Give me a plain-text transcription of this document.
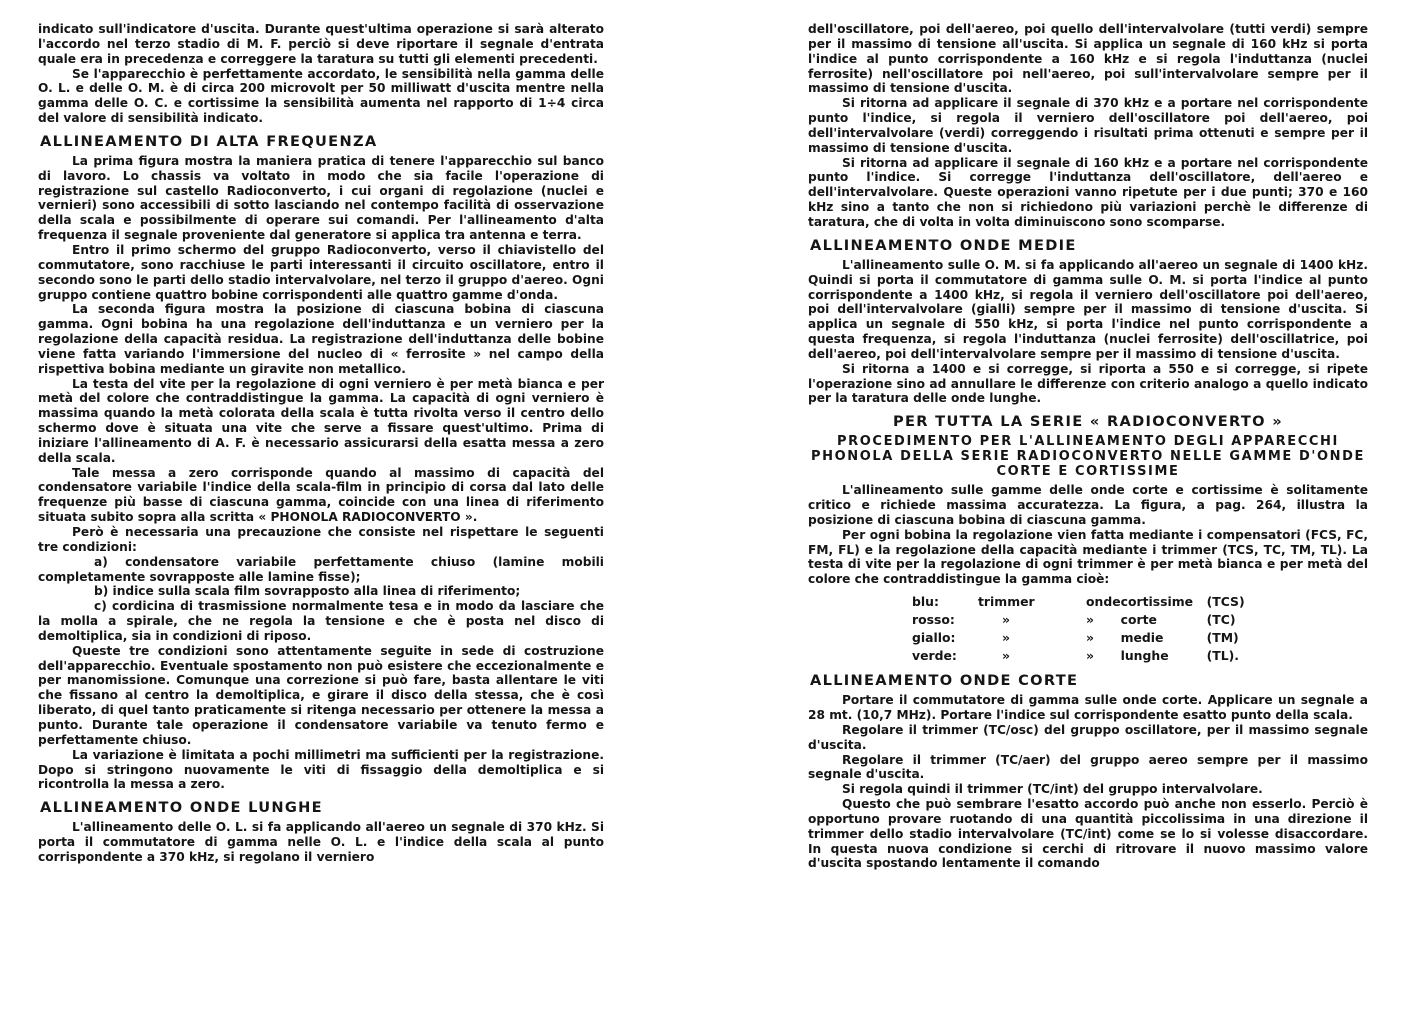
indicato sull'indicatore d'uscita. Durante quest'ultima operazione si sarà alterato l'accordo nel terzo stadio di M. F. perciò si deve riportare il segnale d'entrata quale era in precedenza e correggere la taratura su tutti gli elementi precedenti.

Se l'apparecchio è perfettamente accordato, le sensibilità nella gamma delle O. L. e delle O. M. è di circa 200 microvolt per 50 milliwatt d'uscita mentre nella gamma delle O. C. e cortissime la sensibilità aumenta nel rapporto di 1÷4 circa del valore di sensibilità indicato.

ALLINEAMENTO DI ALTA FREQUENZA

La prima figura mostra la maniera pratica di tenere l'apparecchio sul banco di lavoro. Lo chassis va voltato in modo che sia facile l'operazione di registrazione sul castello Radioconverto, i cui organi di regolazione (nuclei e vernieri) sono accessibili di sotto lasciando nel contempo facilità di osservazione della scala e possibilmente di operare sui comandi. Per l'allineamento d'alta frequenza il segnale proveniente dal generatore si applica tra antenna e terra.

Entro il primo schermo del gruppo Radioconverto, verso il chiavistello del commutatore, sono racchiuse le parti interessanti il circuito oscillatore, entro il secondo sono le parti dello stadio intervalvolare, nel terzo il gruppo d'aereo. Ogni gruppo contiene quattro bobine corrispondenti alle quattro gamme d'onda.

La seconda figura mostra la posizione di ciascuna bobina di ciascuna gamma. Ogni bobina ha una regolazione dell'induttanza e un verniero per la regolazione della capacità residua. La registrazione dell'induttanza delle bobine viene fatta variando l'immersione del nucleo di « ferrosite » nel campo della rispettiva bobina mediante un giravite non metallico.

La testa del vite per la regolazione di ogni verniero è per metà bianca e per metà del colore che contraddistingue la gamma. La capacità di ogni verniero è massima quando la metà colorata della scala è tutta rivolta verso il centro dello schermo dove è situata una vite che serve a fissare quest'ultimo. Prima di iniziare l'allineamento di A. F. è necessario assicurarsi della esatta messa a zero della scala.

Tale messa a zero corrisponde quando al massimo di capacità del condensatore variabile l'indice della scala-film in principio di corsa dal lato delle frequenze più basse di ciascuna gamma, coincide con una linea di riferimento situata subito sopra alla scritta « PHONOLA RADIOCONVERTO ».

Però è necessaria una precauzione che consiste nel rispettare le seguenti tre condizioni:

a) condensatore variabile perfettamente chiuso (lamine mobili completamente sovrapposte alle lamine fisse);

b) indice sulla scala film sovrapposto alla linea di riferimento;

c) cordicina di trasmissione normalmente tesa e in modo da lasciare che la molla a spirale, che ne regola la tensione e che è posta nel disco di demoltiplica, sia in condizioni di riposo.

Queste tre condizioni sono attentamente seguite in sede di costruzione dell'apparecchio. Eventuale spostamento non può esistere che eccezionalmente e per manomissione. Comunque una correzione si può fare, basta allentare le viti che fissano al centro la demoltiplica, e girare il disco della stessa, che è così liberato, di quel tanto praticamente si ritenga necessario per ottenere la messa a punto. Durante tale operazione il condensatore variabile va tenuto fermo e perfettamente chiuso.

La variazione è limitata a pochi millimetri ma sufficienti per la registrazione. Dopo si stringono nuovamente le viti di fissaggio della demoltiplica e si ricontrolla la messa a zero.

ALLINEAMENTO ONDE LUNGHE

L'allineamento delle O. L. si fa applicando all'aereo un segnale di 370 kHz. Si porta il commutatore di gamma nelle O. L. e l'indice della scala al punto corrispondente a 370 kHz, si regolano il verniero

dell'oscillatore, poi dell'aereo, poi quello dell'intervalvolare (tutti verdi) sempre per il massimo di tensione all'uscita. Si applica un segnale di 160 kHz si porta l'indice al punto corrispondente a 160 kHz e si regola l'induttanza (nuclei ferrosite) nell'oscillatore poi nell'aereo, poi sull'intervalvolare sempre per il massimo di tensione d'uscita.

Si ritorna ad applicare il segnale di 370 kHz e a portare nel corrispondente punto l'indice, si regola il verniero dell'oscillatore poi dell'aereo, poi dell'intervalvolare (verdi) correggendo i risultati prima ottenuti e sempre per il massimo di tensione d'uscita.

Si ritorna ad applicare il segnale di 160 kHz e a portare nel corrispondente punto l'indice. Si corregge l'induttanza dell'oscillatore, dell'aereo e dell'intervalvolare. Queste operazioni vanno ripetute per i due punti; 370 e 160 kHz sino a tanto che non si richiedono più variazioni perchè le differenze di taratura, che di volta in volta diminuiscono sono scomparse.

ALLINEAMENTO ONDE MEDIE

L'allineamento sulle O. M. si fa applicando all'aereo un segnale di 1400 kHz. Quindi si porta il commutatore di gamma sulle O. M. si porta l'indice al punto corrispondente a 1400 kHz, si regola il verniero dell'oscillatore poi dell'aereo, poi dell'intervalvolare (gialli) sempre per il massimo di tensione d'uscita. Si applica un segnale di 550 kHz, si porta l'indice nel punto corrispondente a questa frequenza, si regola l'induttanza (nuclei ferrosite) dell'oscillatrice, poi dell'aereo, poi dell'intervalvolare sempre per il massimo di tensione d'uscita.

Si ritorna a 1400 e si corregge, si riporta a 550 e si corregge, si ripete l'operazione sino ad annullare le differenze con criterio analogo a quello indicato per la taratura delle onde lunghe.

PER TUTTA LA SERIE « RADIOCONVERTO »
PROCEDIMENTO PER L'ALLINEAMENTO DEGLI APPARECCHI PHONOLA DELLA SERIE RADIOCONVERTO NELLE GAMME D'ONDE CORTE E CORTISSIME

L'allineamento sulle gamme delle onde corte e cortissime è solitamente critico e richiede massima accuratezza. La figura, a pag. 264, illustra la posizione di ciascuna bobina di ciascuna gamma.

Per ogni bobina la regolazione vien fatta mediante i compensatori (FCS, FC, FM, FL) e la regolazione della capacità mediante i trimmer (TCS, TC, TM, TL). La testa di vite per la regolazione di ogni trimmer è per metà bianca e per metà del colore che contraddistingue la gamma cioè:

blu:	trimmer	onde	cortissime	(TCS)
rosso:	»	»	corte	(TC)
giallo:	»	»	medie	(TM)
verde:	»	»	lunghe	(TL).
ALLINEAMENTO ONDE CORTE

Portare il commutatore di gamma sulle onde corte. Applicare un segnale a 28 mt. (10,7 MHz). Portare l'indice sul corrispondente esatto punto della scala.

Regolare il trimmer (TC/osc) del gruppo oscillatore, per il massimo segnale d'uscita.

Regolare il trimmer (TC/aer) del gruppo aereo sempre per il massimo segnale d'uscita.

Si regola quindi il trimmer (TC/int) del gruppo intervalvolare.

Questo che può sembrare l'esatto accordo può anche non esserlo. Perciò è opportuno provare ruotando di una quantità piccolissima in una direzione il trimmer dello stadio intervalvolare (TC/int) come se lo si volesse disaccordare. In questa nuova condizione si cerchi di ritrovare il nuovo massimo valore d'uscita spostando lentamente il comando
